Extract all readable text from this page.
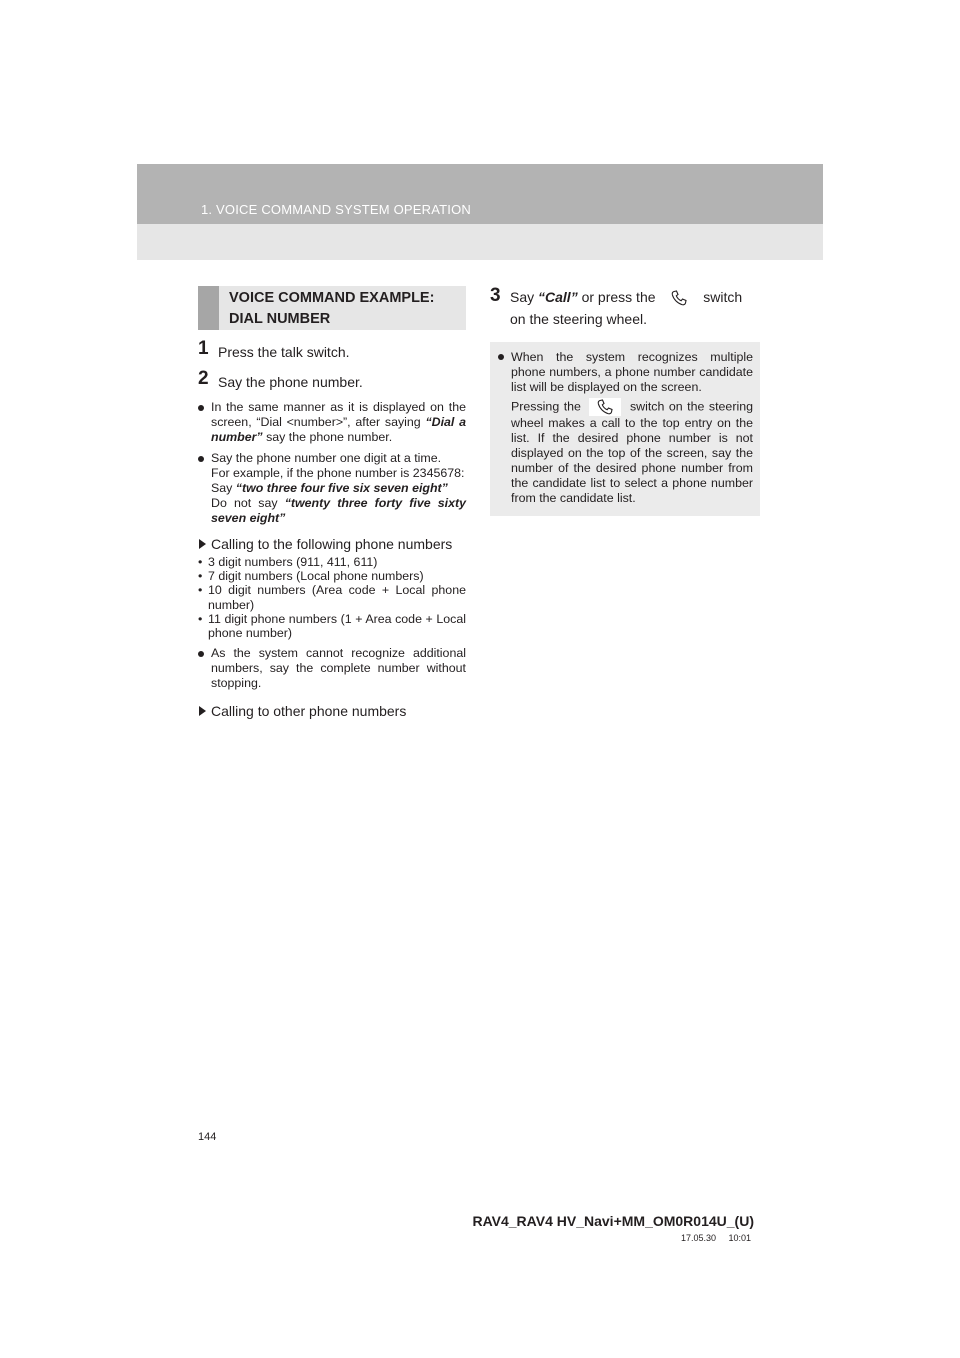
1. VOICE COMMAND SYSTEM OPERATION
VOICE COMMAND EXAMPLE:
DIAL NUMBER
1 Press the talk switch.
2 Say the phone number.
In the same manner as it is displayed on the screen, “Dial <number>”, after saying “Dial a number” say the phone number.
Say the phone number one digit at a time.
For example, if the phone number is 2345678:
Say “two three four five six seven eight”
Do not say “twenty three forty five sixty seven eight”
Calling to the following phone numbers
• 3 digit numbers (911, 411, 611)
• 7 digit numbers (Local phone numbers)
• 10 digit numbers (Area code + Local phone number)
• 11 digit phone numbers (1 + Area code + Local phone number)
As the system cannot recognize additional numbers, say the complete number without stopping.
Calling to other phone numbers
3 Say “Call” or press the	switch on the steering wheel.
When the system recognizes multiple phone numbers, a phone number candidate list will be displayed on the screen.
Pressing the	switch on the steering wheel makes a call to the top entry on the list. If the desired phone number is not displayed on the top of the screen, say the number of the desired phone number from the candidate list to select a phone number from the candidate list.
144
RAV4_RAV4 HV_Navi+MM_OM0R014U_(U)
17.05.30     10:01
